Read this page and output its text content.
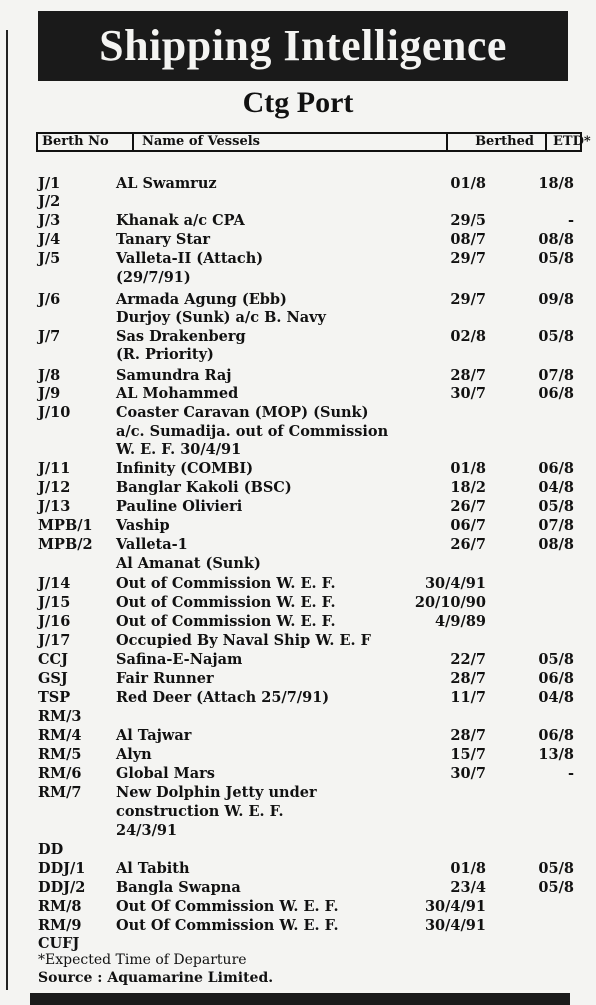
Shipping Intelligence
Ctg Port
Berth No	Name of Vessels	Berthed ETD*
J/1	AL Swamruz	01/8	18/8
J/2
J/3	Khanak a/c CPA	29/5	-
J/4	Tanary Star	08/7	08/8
J/5	Valleta-II (Attach)	29/7	05/8
(29/7/91)
J/6	Armada Agung (Ebb)	29/7	09/8
Durjoy (Sunk) a/c B. Navy
J/7	Sas Drakenberg	02/8	05/8
(R. Priority)
J/8	Samundra Raj	28/7	07/8
J/9	AL Mohammed	30/7	06/8
J/10	Coaster Caravan (MOP) (Sunk)
a/c. Sumadija. out of Commission
W. E. F. 30/4/91
J/11	Infinity (COMBI)	01/8	06/8
J/12	Banglar Kakoli (BSC)	18/2	04/8
J/13	Pauline Olivieri	26/7	05/8
MPB/1 Vaship	06/7	07/8
MPB/2 Valleta-1	26/7	08/8
Al Amanat (Sunk)
J/14	Out of Commission W. E. F.	30/4/91
J/15	Out of Commission W. E. F.	20/10/90
J/16	Out of Commission W. E. F.	4/9/89
J/17	Occupied By Naval Ship W. E. F
CCJ	Safina-E-Najam	22/7	05/8
GSJ	Fair Runner	28/7	06/8
TSP	Red Deer (Attach 25/7/91)	11/7	04/8
RM/3
RM/4 Al Tajwar	28/7	06/8
RM/5 Alyn	15/7	13/8
RM/6 Global Mars	30/7	-
RM/7 New Dolphin Jetty under
construction W. E. F.
24/3/91
DD
DDJ/1 Al Tabith	01/8	05/8
DDJ/2 Bangla Swapna	23/4	05/8
RM/8 Out Of Commission W. E. F.	30/4/91
RM/9 Out Of Commission W. E. F.	30/4/91
CUFJ
*Expected Time of Departure
Source : Aquamarine Limited.
